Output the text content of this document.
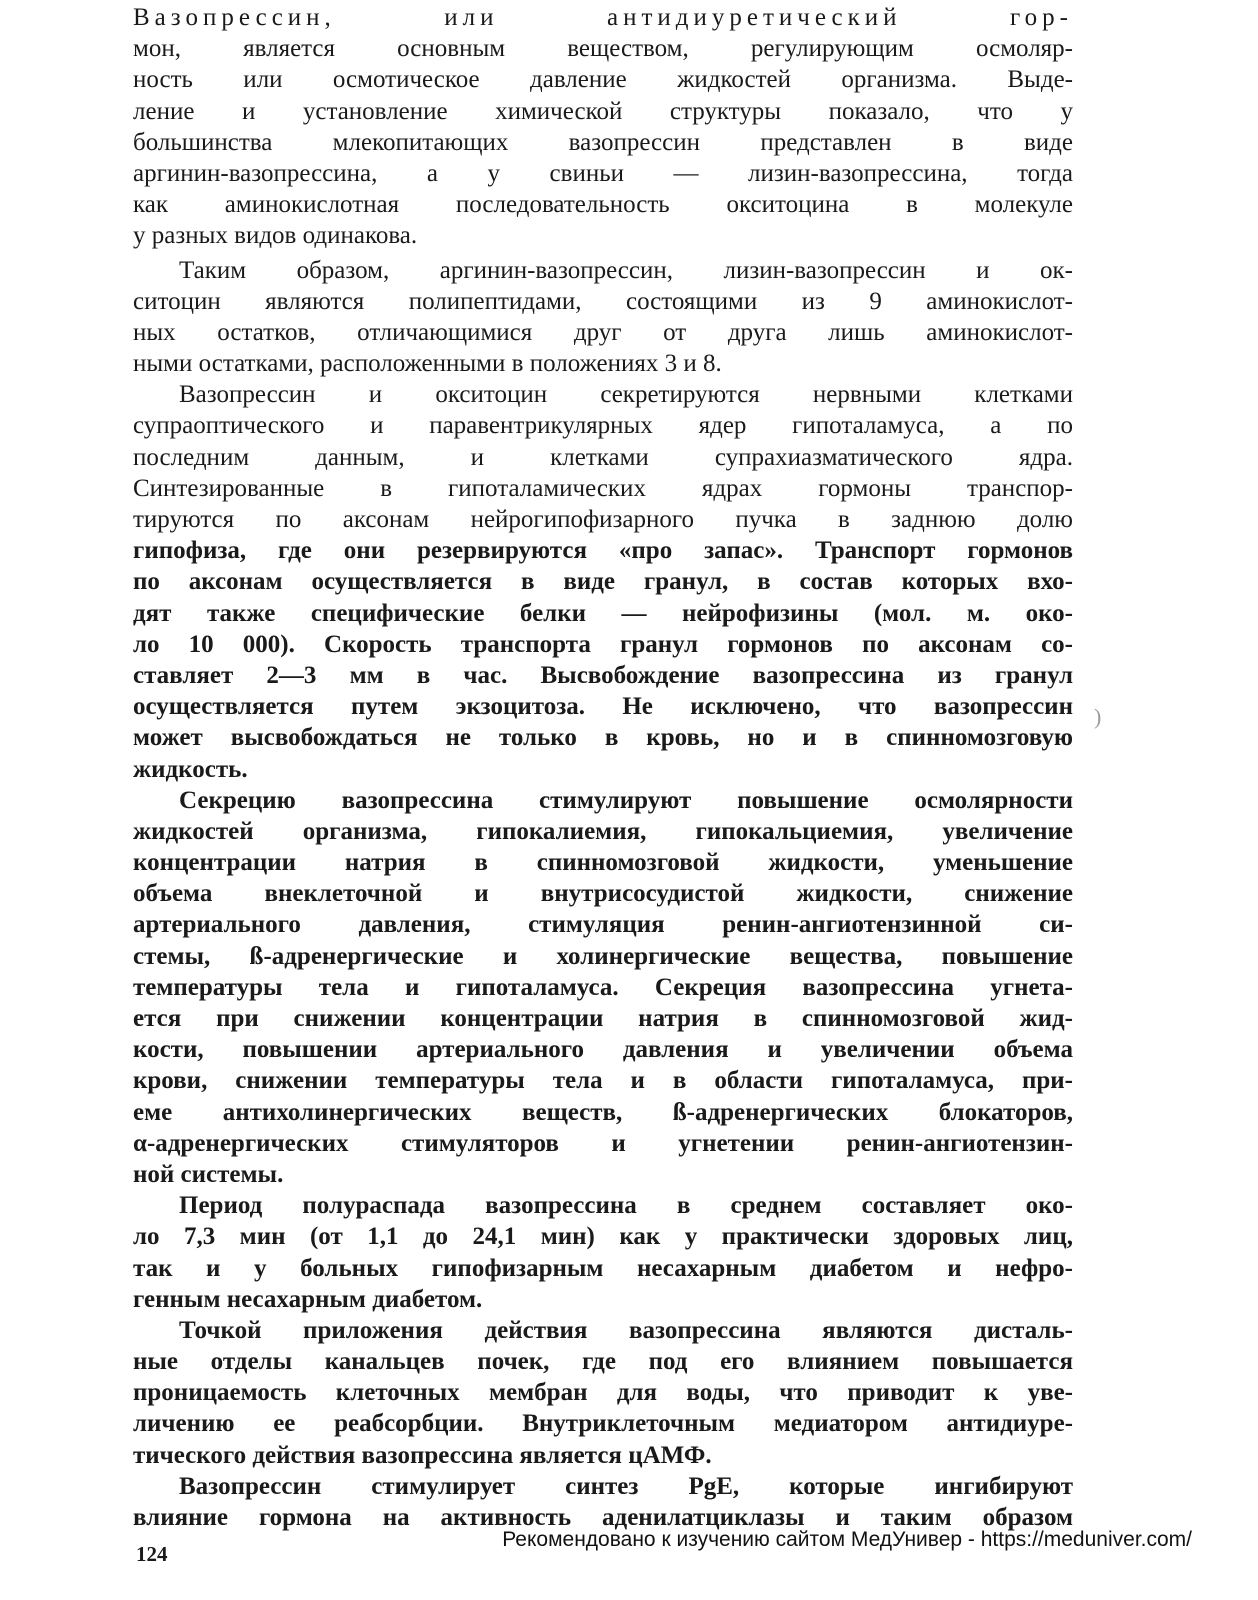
Вазопрессин, или антидиуретический гор-
мон, является основным веществом, регулирующим осмоляр-
ность или осмотическое давление жидкостей организма. Выде-
ление и установление химической структуры показало, что у
большинства млекопитающих вазопрессин представлен в виде
аргинин-вазопрессина, а у свиньи — лизин-вазопрессина, тогда
как аминокислотная последовательность окситоцина в молекуле
у разных видов одинакова.
Таким образом, аргинин-вазопрессин, лизин-вазопрессин и ок-
ситоцин являются полипептидами, состоящими из 9 аминокислот-
ных остатков, отличающимися друг от друга лишь аминокислот-
ными остатками, расположенными в положениях 3 и 8.
Вазопрессин и окситоцин секретируются нервными клетками
супраоптического и паравентрикулярных ядер гипоталамуса, а по
последним данным, и клетками супрахиазматического ядра.
Синтезированные в гипоталамических ядрах гормоны транспор-
тируются по аксонам нейрогипофизарного пучка в заднюю долю
гипофиза, где они резервируются «про запас». Транспорт гормонов
по аксонам осуществляется в виде гранул, в состав которых вхо-
дят также специфические белки — нейрофизины (мол. м. око-
ло 10 000). Скорость транспорта гранул гормонов по аксонам со-
ставляет 2—3 мм в час. Высвобождение вазопрессина из гранул
осуществляется путем экзоцитоза. Не исключено, что вазопрессин
может высвобождаться не только в кровь, но и в спинномозговую
жидкость.
Секрецию вазопрессина стимулируют повышение осмолярности
жидкостей организма, гипокалиемия, гипокальциемия, увеличение
концентрации натрия в спинномозговой жидкости, уменьшение
объема внеклеточной и внутрисосудистой жидкости, снижение
артериального давления, стимуляция ренин-ангиотензинной си-
стемы, ß-адренергические и холинергические вещества, повышение
температуры тела и гипоталамуса. Секреция вазопрессина угнета-
ется при снижении концентрации натрия в спинномозговой жид-
кости, повышении артериального давления и увеличении объема
крови, снижении температуры тела и в области гипоталамуса, при-
еме антихолинергических веществ, ß-адренергических блокаторов,
α-адренергических стимуляторов и угнетении ренин-ангиотензин-
ной системы.
Период полураспада вазопрессина в среднем составляет око-
ло 7,3 мин (от 1,1 до 24,1 мин) как у практически здоровых лиц,
так и у больных гипофизарным несахарным диабетом и нефро-
генным несахарным диабетом.
Точкой приложения действия вазопрессина являются дисталь-
ные отделы канальцев почек, где под его влиянием повышается
проницаемость клеточных мембран для воды, что приводит к уве-
личению ее реабсорбции. Внутриклеточным медиатором антидиуре-
тического действия вазопрессина является цАМФ.
Вазопрессин стимулирует синтез PgE, которые ингибируют
влияние гормона на активность аденилатциклазы и таким образом
)
124
Рекомендовано к изучению сайтом МедУнивер - https://meduniver.com/
